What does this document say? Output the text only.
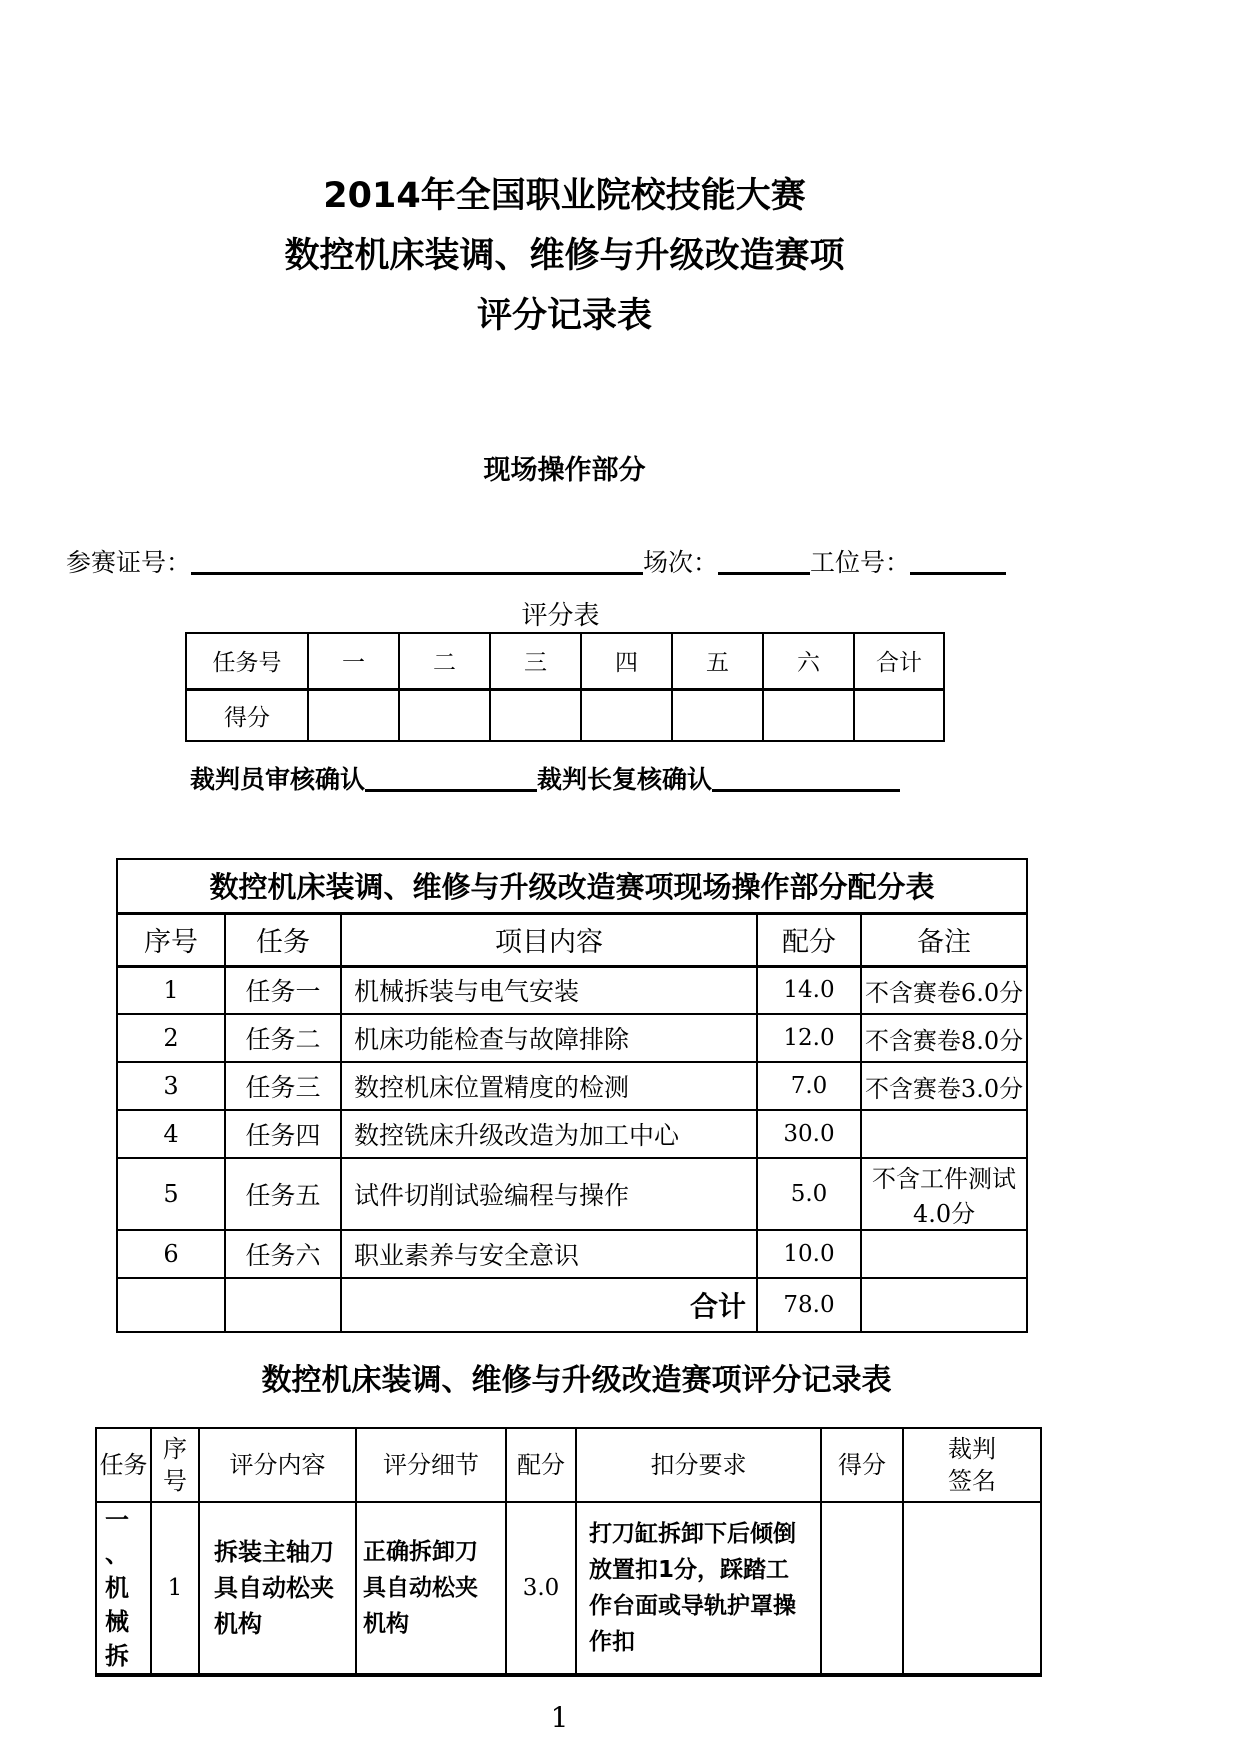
2014年全国职业院校技能大赛
数控机床装调、维修与升级改造赛项
评分记录表
现场操作部分
参赛证号：	场次：	工位号：
评分表
任务号	一	二	三	四	五	六	合计
得分							
裁判员审核确认	裁判长复核确认
数控机床装调、维修与升级改造赛项现场操作部分配分表				
序号	任务	项目内容	配分	备注
1	任务一	机械拆装与电气安装	14.0	不含赛卷6.0分
2	任务二	机床功能检查与故障排除	12.0	不含赛卷8.0分
3	任务三	数控机床位置精度的检测	7.0	不含赛卷3.0分
4	任务四	数控铣床升级改造为加工中心	30.0	
5	任务五	试件切削试验编程与操作	5.0	不含工件测试4.0分
6	任务六	职业素养与安全意识	10.0	
		合计	78.0	
数控机床装调、维修与升级改造赛项评分记录表
任务	序号	评分内容	评分细节	配分	扣分要求	得分	裁判签名
一
、机
械拆	1	拆装主轴刀具自动松夹机构	正确拆卸刀具自动松夹机构	3.0	打刀缸拆卸下后倾倒放置扣1分，踩踏工作台面或导轨护罩操作扣		
1
